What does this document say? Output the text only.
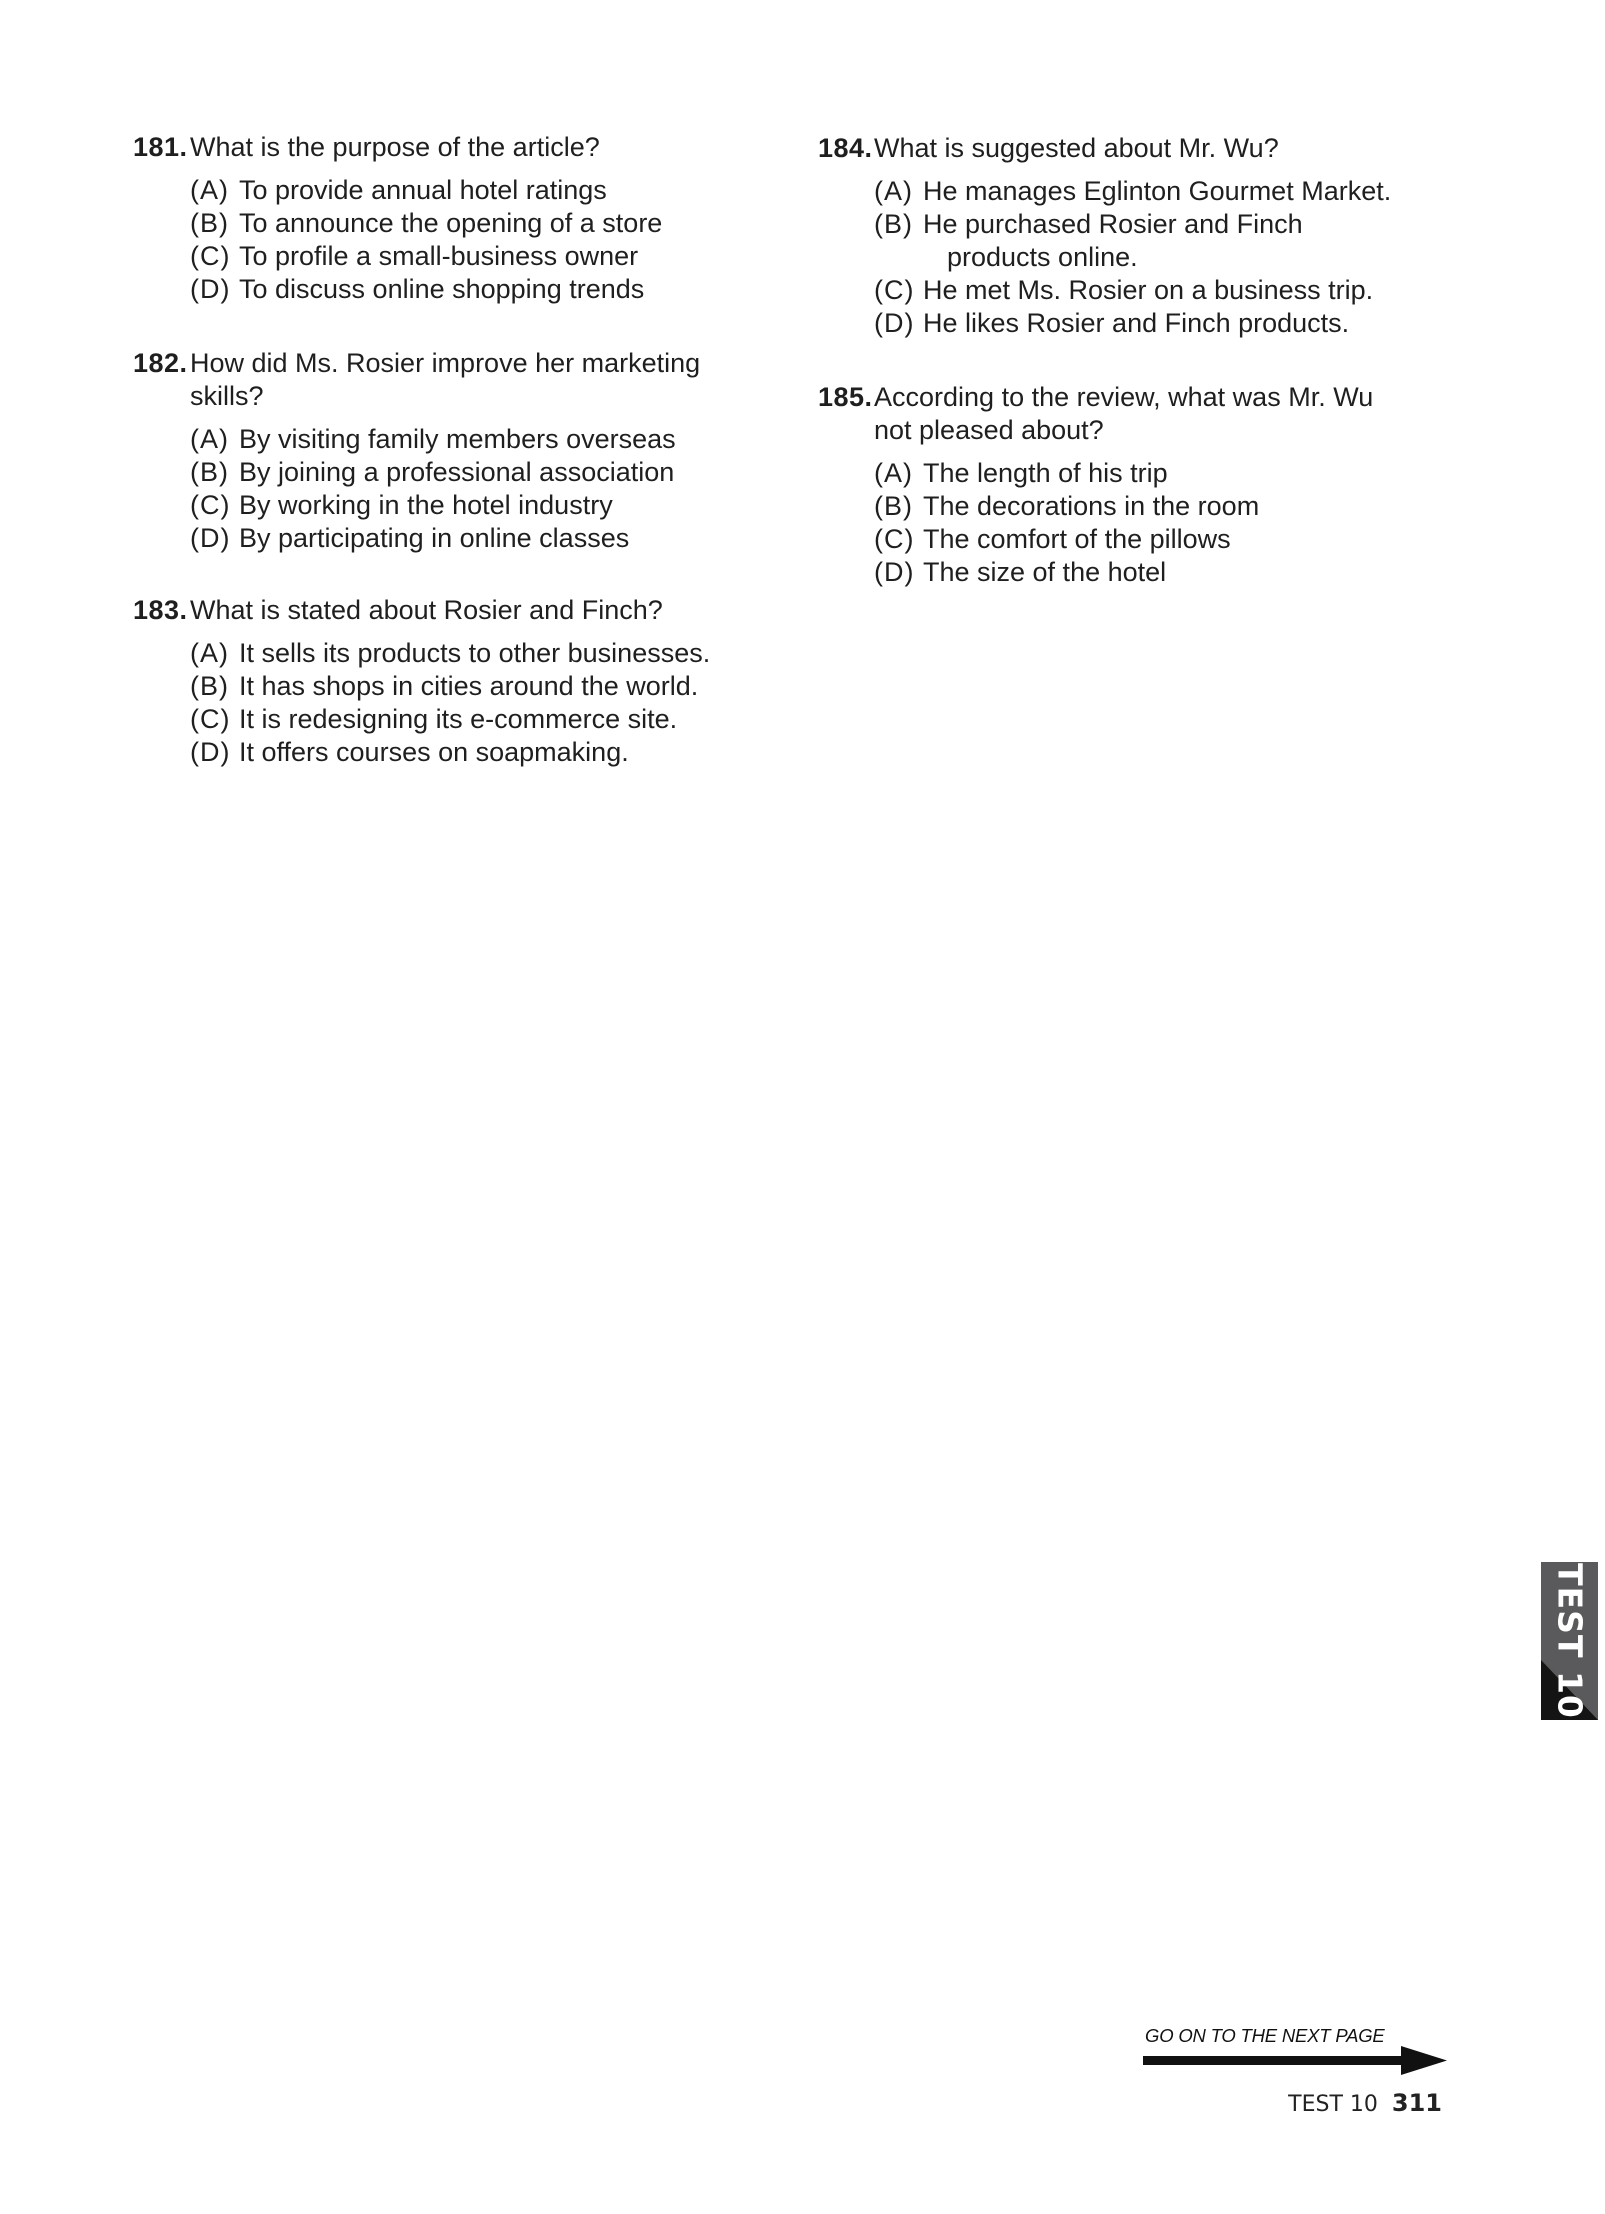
181. What is the purpose of the article?
(A) To provide annual hotel ratings
(B) To announce the opening of a store
(C) To profile a small-business owner
(D) To discuss online shopping trends
182. How did Ms. Rosier improve her marketing skills?
(A) By visiting family members overseas
(B) By joining a professional association
(C) By working in the hotel industry
(D) By participating in online classes
183. What is stated about Rosier and Finch?
(A) It sells its products to other businesses.
(B) It has shops in cities around the world.
(C) It is redesigning its e-commerce site.
(D) It offers courses on soapmaking.
184. What is suggested about Mr. Wu?
(A) He manages Eglinton Gourmet Market.
(B) He purchased Rosier and Finch
products online.
(C) He met Ms. Rosier on a business trip.
(D) He likes Rosier and Finch products.
185. According to the review, what was Mr. Wu not pleased about?
(A) The length of his trip
(B) The decorations in the room
(C) The comfort of the pillows
(D) The size of the hotel
TEST 10
GO ON TO THE NEXT PAGE
TEST 10 311
